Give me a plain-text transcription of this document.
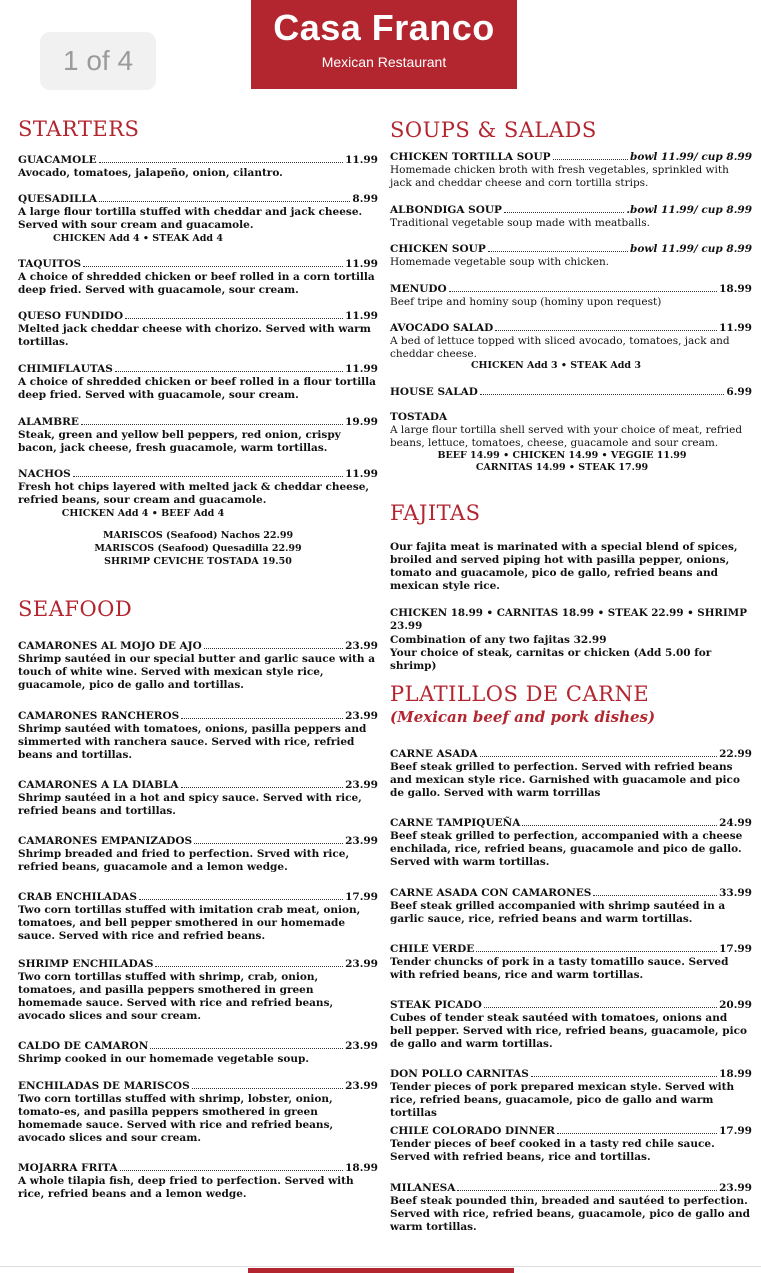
Casa Franco
Mexican Restaurant
1 of 4
STARTERS
GUACAMOLE	11.99
Avocado, tomatoes, jalapeño, onion, cilantro.
QUESADILLA	8.99
A large flour tortilla stuffed with cheddar and jack cheese. Served with sour cream and guacamole.
CHICKEN Add 4 • STEAK Add 4
TAQUITOS	11.99
A choice of shredded chicken or beef rolled in a corn tortilla deep fried. Served with guacamole, sour cream.
QUESO FUNDIDO	11.99
Melted jack cheddar cheese with chorizo. Served with warm tortillas.
CHIMIFLAUTAS	11.99
A choice of shredded chicken or beef rolled in a flour tortilla deep fried. Served with guacamole, sour cream.
ALAMBRE	19.99
Steak, green and yellow bell peppers, red onion, crispy bacon, jack cheese, fresh guacamole, warm tortillas.
NACHOS	11.99
Fresh hot chips layered with melted jack & cheddar cheese, refried beans, sour cream and guacamole.
CHICKEN Add 4 • BEEF Add 4
MARISCOS (Seafood) Nachos 22.99
MARISCOS (Seafood) Quesadilla 22.99
SHRIMP CEVICHE TOSTADA 19.50
SEAFOOD
CAMARONES AL MOJO DE AJO	23.99
Shrimp sautéed in our special butter and garlic sauce with a touch of white wine. Served with mexican style rice, guacamole, pico de gallo and tortillas.
CAMARONES RANCHEROS	23.99
Shrimp sautéed with tomatoes, onions, pasilla peppers and simmerted with ranchera sauce. Served with rice, refried beans and tortillas.
CAMARONES A LA DIABLA	23.99
Shrimp sautéed in a hot and spicy sauce. Served with rice, refried beans and tortillas.
CAMARONES EMPANIZADOS	23.99
Shrimp breaded and fried to perfection. Srved with rice, refried beans, guacamole and a lemon wedge.
CRAB ENCHILADAS	17.99
Two corn tortillas stuffed with imitation crab meat, onion, tomatoes, and bell pepper smothered in our homemade sauce. Served with rice and refried beans.
SHRIMP ENCHILADAS	23.99
Two corn tortillas stuffed with shrimp, crab, onion, tomatoes, and pasilla peppers smothered in green homemade sauce. Served with rice and refried beans, avocado slices and sour cream.
CALDO DE CAMARON	23.99
Shrimp cooked in our homemade vegetable soup.
ENCHILADAS DE MARISCOS	23.99
Two corn tortillas stuffed with shrimp, lobster, onion, tomato-es, and pasilla peppers smothered in green homemade sauce. Served with rice and refried beans, avocado slices and sour cream.
MOJARRA FRITA	18.99
A whole tilapia fish, deep fried to perfection. Served with rice, refried beans and a lemon wedge.
SOUPS & SALADS
CHICKEN TORTILLA SOUP	bowl 11.99/ cup 8.99
Homemade chicken broth with fresh vegetables, sprinkled with jack and cheddar cheese and corn tortilla strips.
ALBONDIGA SOUP	.bowl 11.99/ cup 8.99
Traditional vegetable soup made with meatballs.
CHICKEN SOUP	bowl 11.99/ cup 8.99
Homemade vegetable soup with chicken.
MENUDO	18.99
Beef tripe and hominy soup (hominy upon request)
AVOCADO SALAD	11.99
A bed of lettuce topped with sliced avocado, tomatoes, jack and cheddar cheese.
CHICKEN Add 3 • STEAK Add 3
HOUSE SALAD	6.99
TOSTADA
A large flour tortilla shell served with your choice of meat, refried beans, lettuce, tomatoes, cheese, guacamole and sour cream.
BEEF 14.99 • CHICKEN 14.99 • VEGGIE 11.99
CARNITAS 14.99 • STEAK 17.99
FAJITAS
Our fajita meat is marinated with a special blend of spices, broiled and served piping hot with pasilla pepper, onions, tomato and guacamole, pico de gallo, refried beans and mexican style rice.
CHICKEN 18.99 • CARNITAS 18.99 • STEAK 22.99 • SHRIMP 23.99
Combination of any two fajitas 32.99
Your choice of steak, carnitas or chicken (Add 5.00 for shrimp)
PLATILLOS DE CARNE
(Mexican beef and pork dishes)
CARNE ASADA	22.99
Beef steak grilled to perfection. Served with refried beans and mexican style rice. Garnished with guacamole and pico de gallo. Served with warm torrillas
CARNE TAMPIQUEÑA	24.99
Beef steak grilled to perfection, accompanied with a cheese enchilada, rice, refried beans, guacamole and pico de gallo. Served with warm tortillas.
CARNE ASADA CON CAMARONES	33.99
Beef steak grilled accompanied with shrimp sautéed in a garlic sauce, rice, refried beans and warm tortillas.
CHILE VERDE	17.99
Tender chuncks of pork in a tasty tomatillo sauce. Served with refried beans, rice and warm tortillas.
STEAK PICADO	20.99
Cubes of tender steak sautéed with tomatoes, onions and bell pepper. Served with rice, refried beans, guacamole, pico de gallo and warm tortillas.
DON POLLO CARNITAS	18.99
Tender pieces of pork prepared mexican style. Served with rice, refried beans, guacamole, pico de gallo and warm tortillas
CHILE COLORADO DINNER	17.99
Tender pieces of beef cooked in a tasty red chile sauce. Served with refried beans, rice and tortillas.
MILANESA	23.99
Beef steak pounded thin, breaded and sautéed to perfection. Served with rice, refried beans, guacamole, pico de gallo and warm tortillas.
